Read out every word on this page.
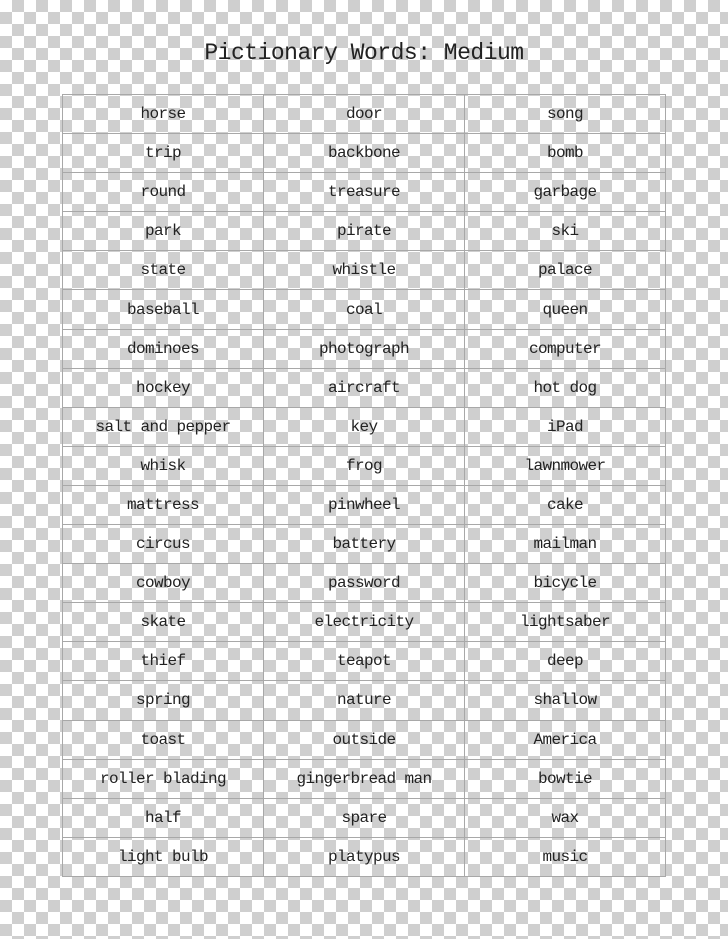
Pictionary Words: Medium
horse	door	song
trip	backbone	bomb
round	treasure	garbage
park	pirate	ski
state	whistle	palace
baseball	coal	queen
dominoes	photograph	computer
hockey	aircraft	hot dog
salt and pepper	key	iPad
whisk	frog	lawnmower
mattress	pinwheel	cake
circus	battery	mailman
cowboy	password	bicycle
skate	electricity	lightsaber
thief	teapot	deep
spring	nature	shallow
toast	outside	America
roller blading	gingerbread man	bowtie
half	spare	wax
light bulb	platypus	music
